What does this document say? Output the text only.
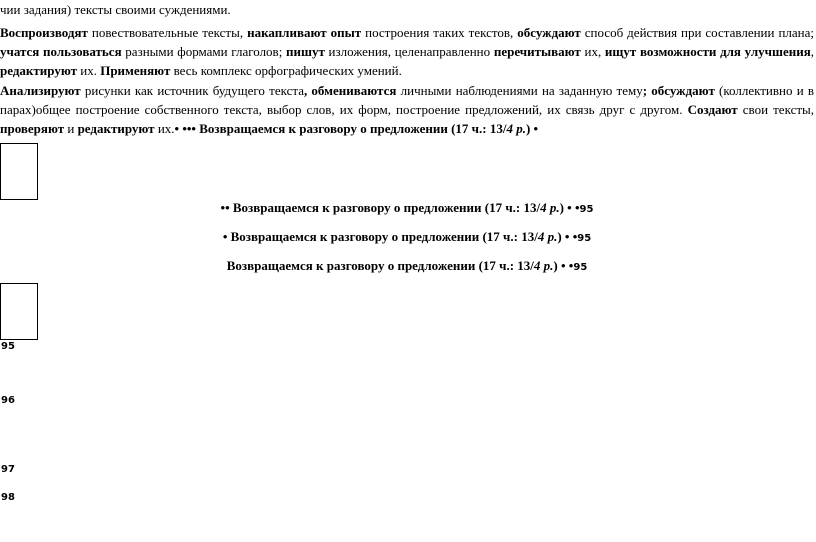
чии задания) тексты своими суждениями.

Воспроизводят повествовательные тексты, накапливают опыт построения таких текстов, обсуждают способ действия при составлении плана; учатся пользоваться разными формами глаголов; пишут изложения, целенаправленно перечитывают их, ищут возможности для улучшения, редактируют их. Применяют весь комплекс орфографических умений.

Анализируют рисунки как источник будущего текста, обмениваются личными наблюдениями на заданную тему; обсуждают (коллективно и в парах)общее построение собственного текста, выбор слов, их форм, построение предложений, их связь друг с другом. Создают свои тексты, проверяют и редактируют их.• ••• Возвращаемся к разговору о предложении (17 ч.: 13/4 р.) •

•• Возвращаемся к разговору о предложении (17 ч.: 13/4 р.) • •95

• Возвращаемся к разговору о предложении (17 ч.: 13/4 р.) • •95

Возвращаемся к разговору о предложении (17 ч.: 13/4 р.) • •95

95
96
97
98
